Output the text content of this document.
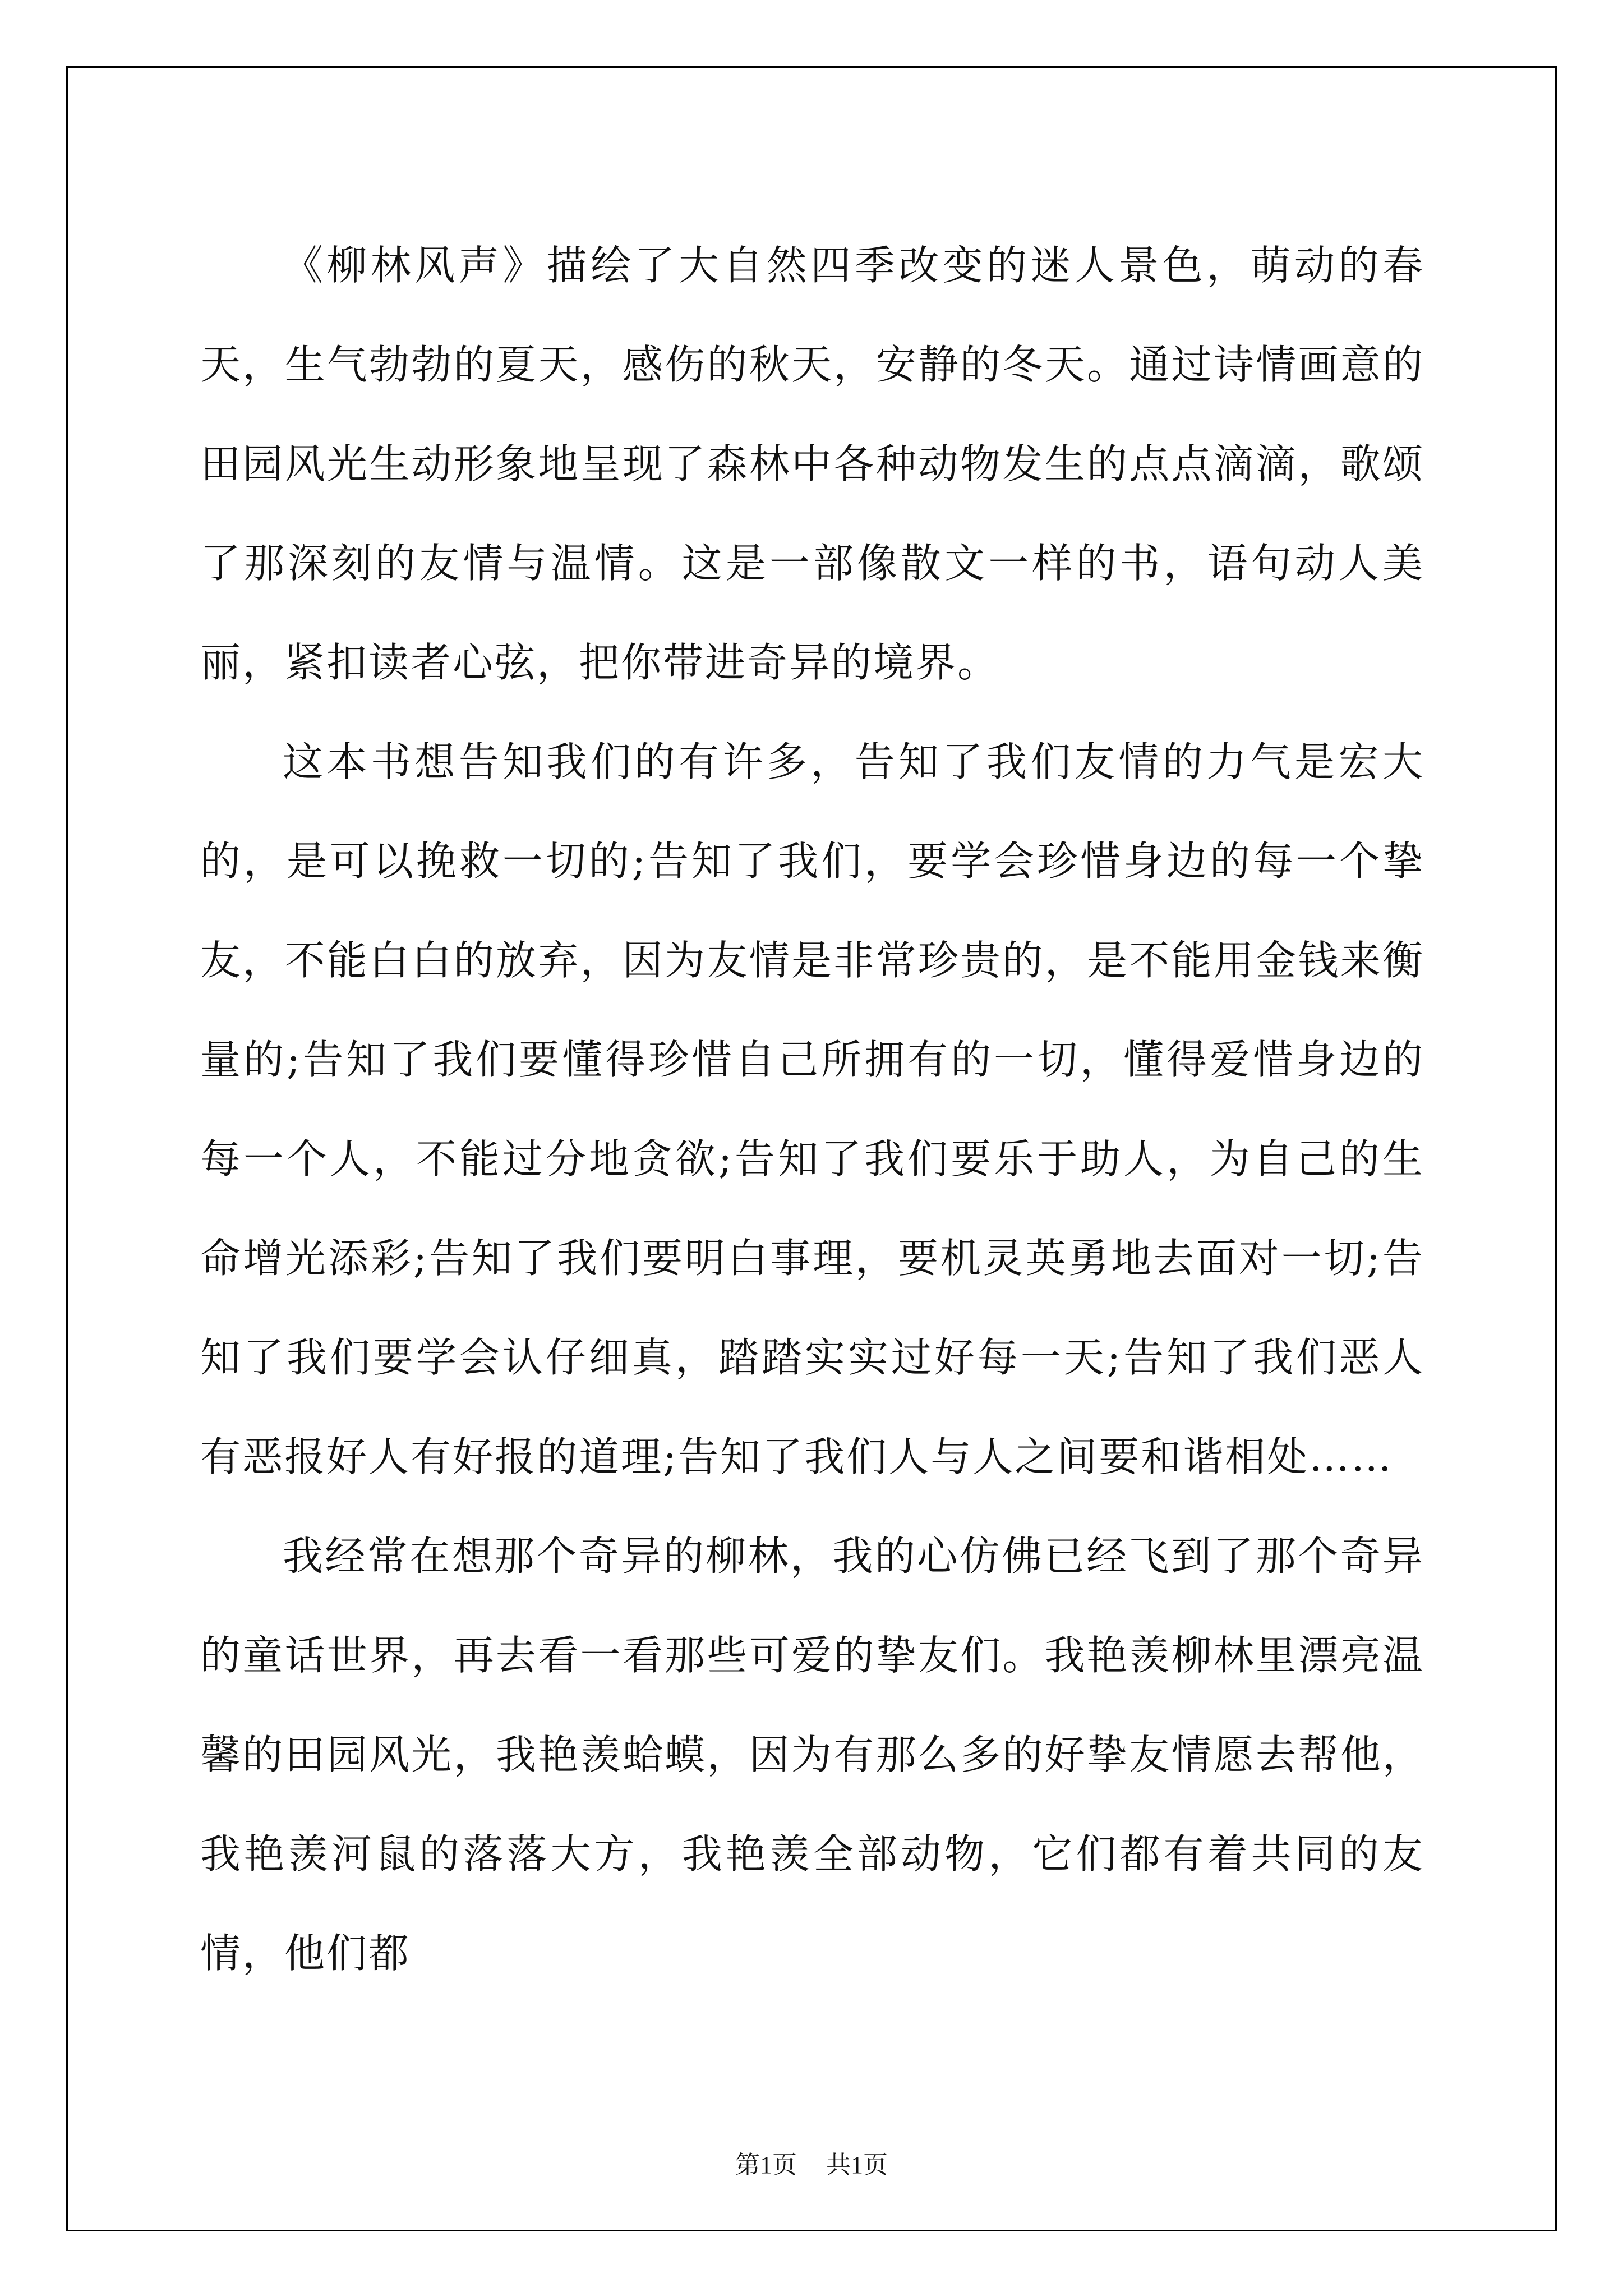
《柳林风声》描绘了大自然四季改变的迷人景色，萌动的春天，生气勃勃的夏天，感伤的秋天，安静的冬天。通过诗情画意的田园风光生动形象地呈现了森林中各种动物发生的点点滴滴，歌颂了那深刻的友情与温情。这是一部像散文一样的书，语句动人美丽，紧扣读者心弦，把你带进奇异的境界。

这本书想告知我们的有许多，告知了我们友情的力气是宏大的，是可以挽救一切的;告知了我们，要学会珍惜身边的每一个挚友，不能白白的放弃，因为友情是非常珍贵的，是不能用金钱来衡量的;告知了我们要懂得珍惜自己所拥有的一切，懂得爱惜身边的每一个人，不能过分地贪欲;告知了我们要乐于助人，为自己的生命增光添彩;告知了我们要明白事理，要机灵英勇地去面对一切;告知了我们要学会认仔细真，踏踏实实过好每一天;告知了我们恶人有恶报好人有好报的道理;告知了我们人与人之间要和谐相处……

我经常在想那个奇异的柳林，我的心仿佛已经飞到了那个奇异的童话世界，再去看一看那些可爱的挚友们。我艳羡柳林里漂亮温馨的田园风光，我艳羡蛤蟆，因为有那么多的好挚友情愿去帮他，我艳羡河鼠的落落大方，我艳羡全部动物，它们都有着共同的友情，他们都

第1页 共1页
